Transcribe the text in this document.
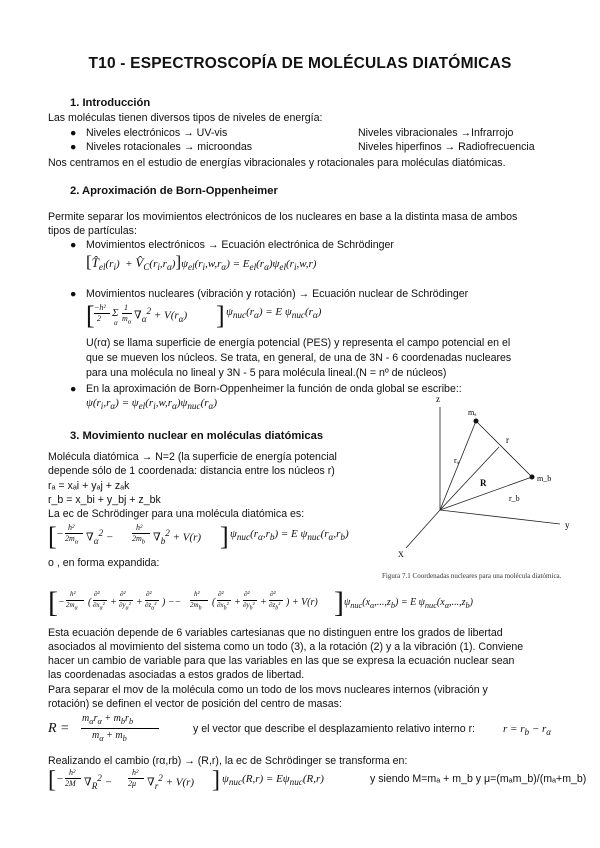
T10 - ESPECTROSCOPÍA DE MOLÉCULAS DIATÓMICAS
1. Introducción
Las moléculas tienen diversos tipos de niveles de energía:
● Niveles electrónicos → UV-vis	Niveles vibracionales →Infrarrojo
● Niveles rotacionales → microondas	Niveles hiperfinos → Radiofrecuencia
Nos centramos en el estudio de energías vibracionales y rotacionales para moléculas diatómicas.
2. Aproximación de Born-Oppenheimer
Permite separar los movimientos electrónicos de los nucleares en base a la distinta masa de ambos
tipos de partículas:
● Movimientos electrónicos → Ecuación electrónica de Schrödinger
[$T̂_{el}(r_i)$  + $V̂_C(r_i,r_\alpha)]\psi_{el}(r_i,w,r_\alpha) = E_{el}(r_\alpha)\psi_{el}(r_i,w,r)$
● Movimientos nucleares (vibración y rotación) → Ecuación nuclear de Schrödinger
[ −h²
2 Σ
α
1
$m_\alpha$
$\nabla_\alpha^2 + V(r_\alpha)$ ] $\psi_{nuc}(r_\alpha) = E$ $\psi_{nuc}(r_\alpha)$
U(rα) se llama superficie de energía potencial (PES) y representa el campo potencial en el
que se mueven los núcleos. Se trata, en general, de una de 3N - 6 coordenadas nucleares
para una molécula no lineal y 3N - 5 para molécula lineal.(N = nº de núcleos)
● En la aproximación de Born-Oppenheimer la función de onda global se escribe::
$\psi(r_i,r_\alpha) = \psi_{el}(r_i,w,r_\alpha)\psi_{nuc}(r_\alpha)$
3. Movimiento nuclear en moléculas diatómicas
Molécula diatómica → N=2 (la superficie de energía potencial
depende sólo de 1 coordenada: distancia entre los núcleos r)
rₐ = xₐi + yₐj + zₐk
r_b = x_bi + y_bj + z_bk
La ec de Schrödinger para una molécula diatómica es:
[ −
h²
$2m_\alpha$ $\nabla_\alpha^2$ −
h²
$2m_b$ $\nabla_b^2 + V(r)$ ] $\psi_{nuc}(r_\alpha,r_b) = E$ $\psi_{nuc}(r_\alpha,r_b)$
o , en forma expandida:
[ −
h²
$2m_\alpha$
(
∂²
$\partial x_\alpha^2$ +
∂²
$\partial y_\alpha^2$ +
∂²
$\partial z_\alpha^2$ ) −−
h²
$2m_b$
(
∂²
$\partial x_b^2$ +
∂²
$\partial y_b^2$ +
∂²
$\partial z_b^2$ ) + V(r) ] $\psi_{nuc}(x_\alpha,...,z_b) = E$ $\psi_{nuc}(x_\alpha,...,z_b)$
Esta ecuación depende de 6 variables cartesianas que no distinguen entre los grados de libertad
asociados al movimiento del sistema como un todo (3), a la rotación (2) y a la vibración (1). Conviene
hacer un cambio de variable para que las variables en las que se expresa la ecuación nuclear sean
las coordenadas asociadas a estos grados de libertad.
Para separar el mov de la molécula como un todo de los movs nucleares internos (vibración y
rotación) se definen el vector de posición del centro de masas:
R =
$m_\alpha r_\alpha + m_br_b$
$m_\alpha + m_b$
y el vector que describe el desplazamiento relativo interno r:	$r = r_b - r_\alpha$
Realizando el cambio (rα,rb) → (R,r), la ec de Schrödinger se transforma en:
[ −
h²
2M $\nabla_R^2$ −
h²
2μ $\nabla_r^2 + V(r)$ ] $\psi_{nuc}(R,r) = E\psi_{nuc}(R,r)$	y siendo M=mₐ + m_b y μ=(mₐm_b)/(mₐ+m_b)
z
y
X
mₐ
m_b
R
r
rₐ
r_b
Figura 7.1 Coordenadas nucleares para una molécula diatómica.
